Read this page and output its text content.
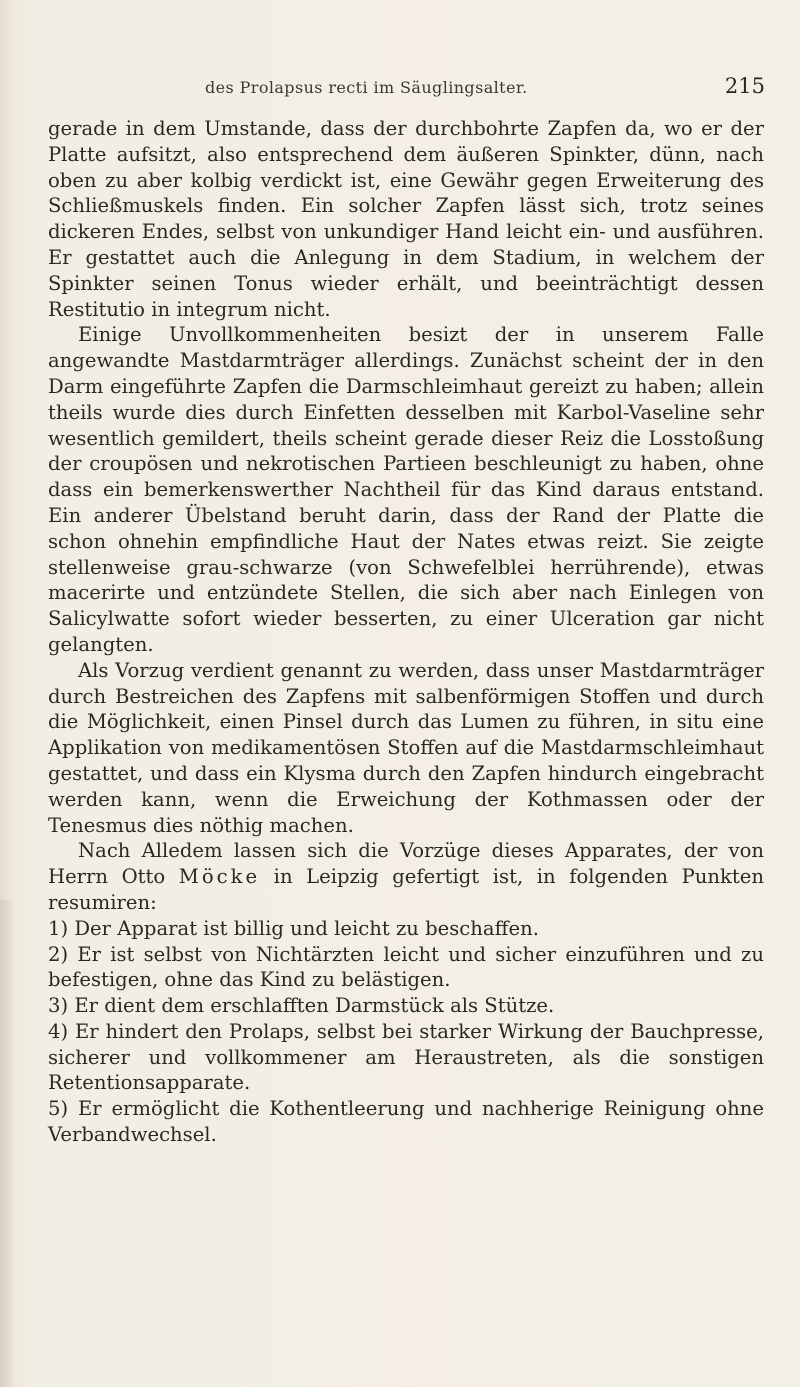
des Prolapsus recti im Säuglingsalter.	215

gerade in dem Umstande, dass der durchbohrte Zapfen da, wo er der Platte aufsitzt, also entsprechend dem äußeren Spinkter, dünn, nach oben zu aber kolbig verdickt ist, eine Gewähr gegen Erweiterung des Schließmuskels finden. Ein solcher Zapfen lässt sich, trotz seines dickeren Endes, selbst von unkundiger Hand leicht ein- und ausführen. Er gestattet auch die Anlegung in dem Stadium, in welchem der Spinkter seinen Tonus wieder erhält, und beeinträchtigt dessen Restitutio in integrum nicht.

Einige Unvollkommenheiten besizt der in unserem Falle angewandte Mastdarmträger allerdings. Zunächst scheint der in den Darm eingeführte Zapfen die Darmschleimhaut gereizt zu haben; allein theils wurde dies durch Einfetten desselben mit Karbol-Vaseline sehr wesentlich gemildert, theils scheint gerade dieser Reiz die Losstoßung der croupösen und nekrotischen Partieen beschleunigt zu haben, ohne dass ein bemerkenswerther Nachtheil für das Kind daraus entstand. Ein anderer Übelstand beruht darin, dass der Rand der Platte die schon ohnehin empfindliche Haut der Nates etwas reizt. Sie zeigte stellenweise grau-schwarze (von Schwefelblei herrührende), etwas macerirte und entzündete Stellen, die sich aber nach Einlegen von Salicylwatte sofort wieder besserten, zu einer Ulceration gar nicht gelangten.

Als Vorzug verdient genannt zu werden, dass unser Mastdarmträger durch Bestreichen des Zapfens mit salbenförmigen Stoffen und durch die Möglichkeit, einen Pinsel durch das Lumen zu führen, in situ eine Applikation von medikamentösen Stoffen auf die Mastdarmschleimhaut gestattet, und dass ein Klysma durch den Zapfen hindurch eingebracht werden kann, wenn die Erweichung der Kothmassen oder der Tenesmus dies nöthig machen.

Nach Alledem lassen sich die Vorzüge dieses Apparates, der von Herrn Otto Möcke in Leipzig gefertigt ist, in folgenden Punkten resumiren:

1) Der Apparat ist billig und leicht zu beschaffen.

2) Er ist selbst von Nichtärzten leicht und sicher einzuführen und zu befestigen, ohne das Kind zu belästigen.

3) Er dient dem erschlafften Darmstück als Stütze.

4) Er hindert den Prolaps, selbst bei starker Wirkung der Bauchpresse, sicherer und vollkommener am Heraustreten, als die sonstigen Retentionsapparate.

5) Er ermöglicht die Kothentleerung und nachherige Reinigung ohne Verbandwechsel.
